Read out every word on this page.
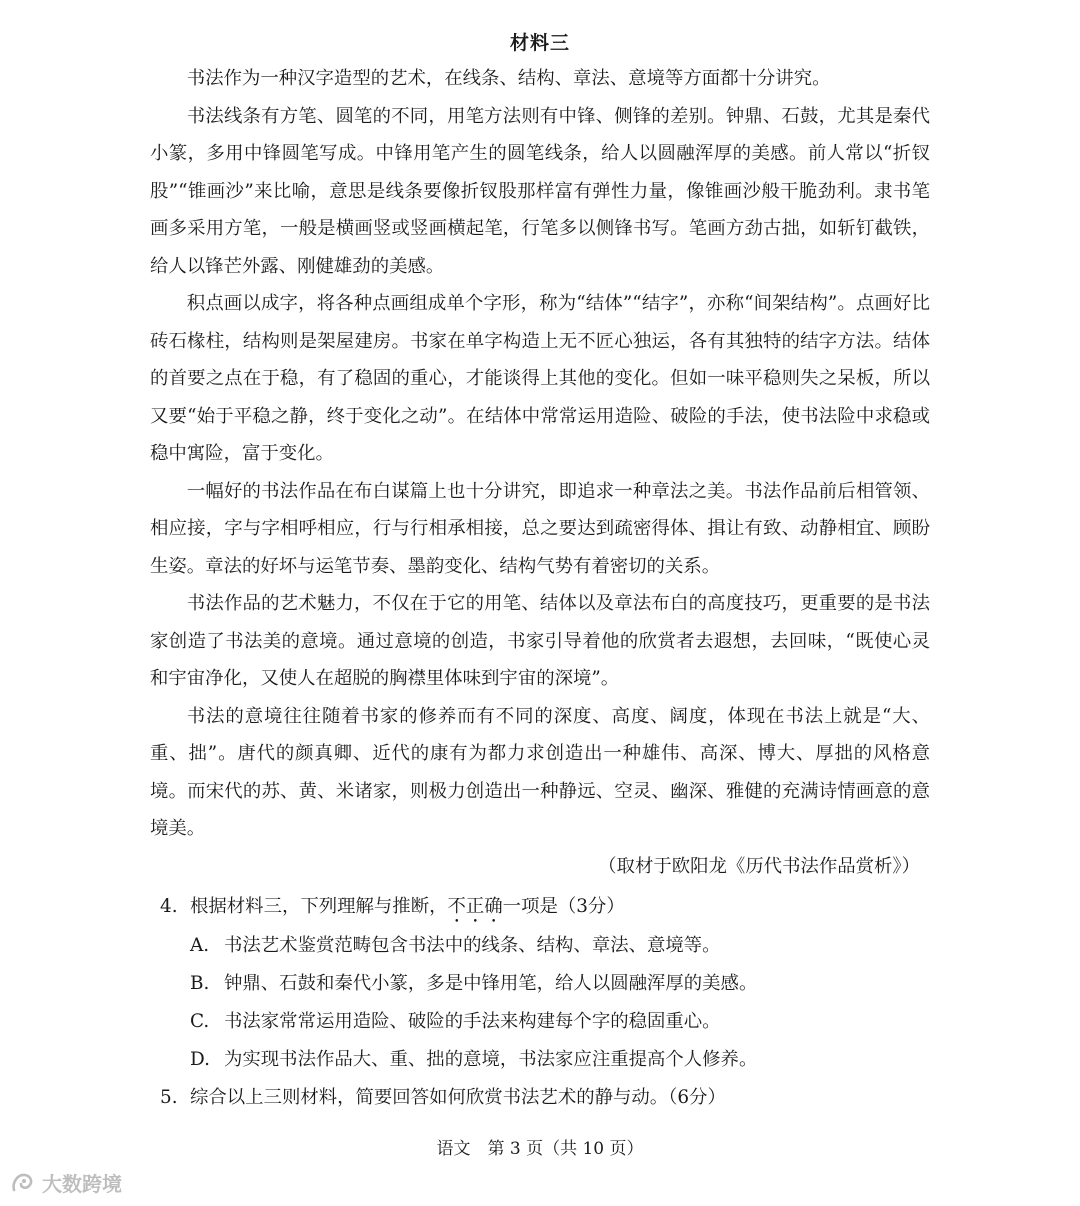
材料三

书法作为一种汉字造型的艺术，在线条、结构、章法、意境等方面都十分讲究。

书法线条有方笔、圆笔的不同，用笔方法则有中锋、侧锋的差别。钟鼎、石鼓，尤其是秦代小篆，多用中锋圆笔写成。中锋用笔产生的圆笔线条，给人以圆融浑厚的美感。前人常以“折钗股”“锥画沙”来比喻，意思是线条要像折钗股那样富有弹性力量，像锥画沙般干脆劲利。隶书笔画多采用方笔，一般是横画竖或竖画横起笔，行笔多以侧锋书写。笔画方劲古拙，如斩钉截铁，给人以锋芒外露、刚健雄劲的美感。

积点画以成字，将各种点画组成单个字形，称为“结体”“结字”，亦称“间架结构”。点画好比砖石椽柱，结构则是架屋建房。书家在单字构造上无不匠心独运，各有其独特的结字方法。结体的首要之点在于稳，有了稳固的重心，才能谈得上其他的变化。但如一味平稳则失之呆板，所以又要“始于平稳之静，终于变化之动”。在结体中常常运用造险、破险的手法，使书法险中求稳或稳中寓险，富于变化。

一幅好的书法作品在布白谋篇上也十分讲究，即追求一种章法之美。书法作品前后相管领、相应接，字与字相呼相应，行与行相承相接，总之要达到疏密得体、揖让有致、动静相宜、顾盼生姿。章法的好坏与运笔节奏、墨韵变化、结构气势有着密切的关系。

书法作品的艺术魅力，不仅在于它的用笔、结体以及章法布白的高度技巧，更重要的是书法家创造了书法美的意境。通过意境的创造，书家引导着他的欣赏者去遐想，去回味，“既使心灵和宇宙净化，又使人在超脱的胸襟里体味到宇宙的深境”。

书法的意境往往随着书家的修养而有不同的深度、高度、阔度，体现在书法上就是“大、重、拙”。唐代的颜真卿、近代的康有为都力求创造出一种雄伟、高深、博大、厚拙的风格意境。而宋代的苏、黄、米诸家，则极力创造出一种静远、空灵、幽深、雅健的充满诗情画意的意境美。

（取材于欧阳龙《历代书法作品赏析》）

4. 根据材料三，下列理解与推断，不正确一项是（3分）

A. 书法艺术鉴赏范畴包含书法中的线条、结构、章法、意境等。

B. 钟鼎、石鼓和秦代小篆，多是中锋用笔，给人以圆融浑厚的美感。

C. 书法家常常运用造险、破险的手法来构建每个字的稳固重心。

D. 为实现书法作品大、重、拙的意境，书法家应注重提高个人修养。

5. 综合以上三则材料，简要回答如何欣赏书法艺术的静与动。（6分）

语文　第 3 页（共 10 页）
大数跨境
